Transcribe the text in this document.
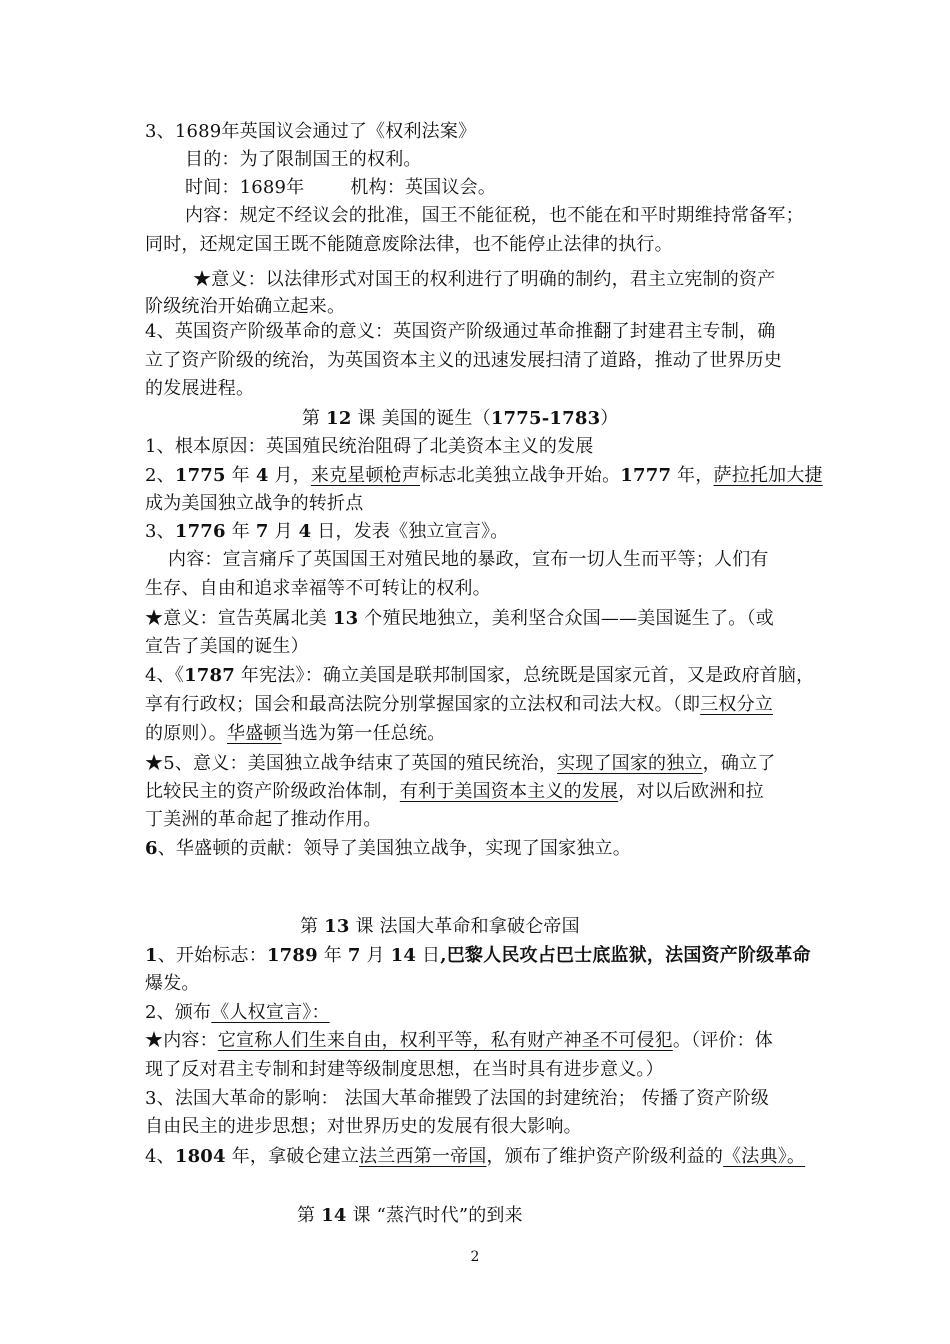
3、1689年英国议会通过了《权利法案》
目的：为了限制国王的权利。
时间：1689年	机构：英国议会。
内容：规定不经议会的批准，国王不能征税，也不能在和平时期维持常备军；
同时，还规定国王既不能随意废除法律，也不能停止法律的执行。
★意义：以法律形式对国王的权利进行了明确的制约，君主立宪制的资产
阶级统治开始确立起来。
4、英国资产阶级革命的意义：英国资产阶级通过革命推翻了封建君主专制，确
立了资产阶级的统治，为英国资本主义的迅速发展扫清了道路，推动了世界历史
的发展进程。
第 12 课 美国的诞生（1775-1783）
1、根本原因：英国殖民统治阻碍了北美资本主义的发展
2、1775 年 4 月，来克星顿枪声标志北美独立战争开始。1777 年，萨拉托加大捷
成为美国独立战争的转折点
3、1776 年 7 月 4 日，发表《独立宣言》。
内容：宣言痛斥了英国国王对殖民地的暴政，宣布一切人生而平等；人们有
生存、自由和追求幸福等不可转让的权利。
★意义：宣告英属北美 13 个殖民地独立，美利坚合众国——美国诞生了。（或
宣告了美国的诞生）
4、《1787 年宪法》：确立美国是联邦制国家，总统既是国家元首，又是政府首脑，
享有行政权；国会和最高法院分别掌握国家的立法权和司法大权。（即三权分立
的原则）。华盛顿当选为第一任总统。
★5、意义：美国独立战争结束了英国的殖民统治，实现了国家的独立，确立了
比较民主的资产阶级政治体制，有利于美国资本主义的发展，对以后欧洲和拉
丁美洲的革命起了推动作用。
6、华盛顿的贡献：领导了美国独立战争，实现了国家独立。
第 13 课 法国大革命和拿破仑帝国
1、开始标志：1789 年 7 月 14 日,巴黎人民攻占巴士底监狱，法国资产阶级革命
爆发。
2、颁布《人权宣言》：
★内容：它宣称人们生来自由，权利平等，私有财产神圣不可侵犯。（评价：体
现了反对君主专制和封建等级制度思想，在当时具有进步意义。）
3、法国大革命的影响： 法国大革命摧毁了法国的封建统治； 传播了资产阶级
自由民主的进步思想；对世界历史的发展有很大影响。
4、1804 年，拿破仑建立法兰西第一帝国，颁布了维护资产阶级利益的《法典》。
第 14 课 “蒸汽时代”的到来
2
